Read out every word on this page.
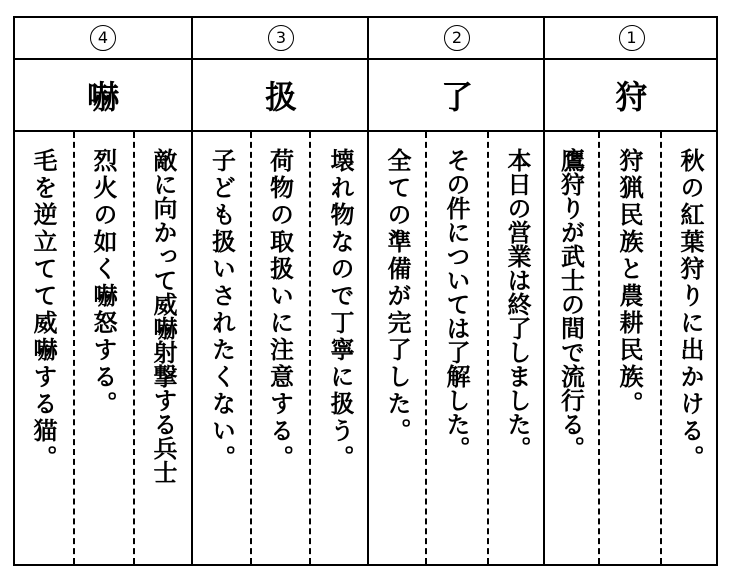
4
嚇
敵に向かって威嚇射撃する兵士
烈火の如く嚇怒する。
毛を逆立てて威嚇する猫。
3
扱
壊れ物なので丁寧に扱う。
荷物の取扱いに注意する。
子ども扱いされたくない。
2
了
本日の営業は終了しました。
その件については了解した。
全ての準備が完了した。
1
狩
秋の紅葉狩りに出かける。
狩猟民族と農耕民族。
鷹狩りが武士の間で流行る。
